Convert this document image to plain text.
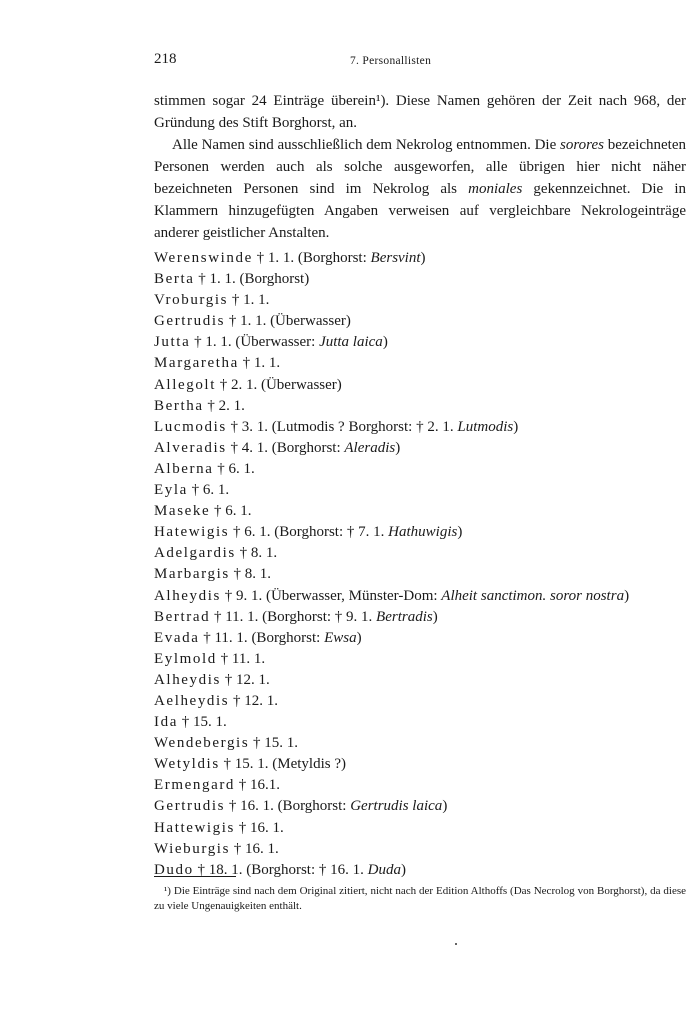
218	7. Personallisten

stimmen sogar 24 Einträge überein¹). Diese Namen gehören der Zeit nach 968, der Gründung des Stift Borghorst, an.

Alle Namen sind ausschließlich dem Nekrolog entnommen. Die sorores bezeichneten Personen werden auch als solche ausgeworfen, alle übrigen hier nicht näher bezeichneten Personen sind im Nekrolog als moniales gekennzeichnet. Die in Klammern hinzugefügten Angaben verweisen auf vergleichbare Nekrologeinträge anderer geistlicher Anstalten.

Werenswinde † 1. 1. (Borghorst: Bersvint)
Berta † 1. 1. (Borghorst)
Vroburgis † 1. 1.
Gertrudis † 1. 1. (Überwasser)
Jutta † 1. 1. (Überwasser: Jutta laica)
Margaretha † 1. 1.
Allegolt † 2. 1. (Überwasser)
Bertha † 2. 1.
Lucmodis † 3. 1. (Lutmodis ? Borghorst: † 2. 1. Lutmodis)
Alveradis † 4. 1. (Borghorst: Aleradis)
Alberna † 6. 1.
Eyla † 6. 1.
Maseke † 6. 1.
Hatewigis † 6. 1. (Borghorst: † 7. 1. Hathuwigis)
Adelgardis † 8. 1.
Marbargis † 8. 1.
Alheydis † 9. 1. (Überwasser, Münster-Dom: Alheit sanctimon. soror nostra)
Bertrad † 11. 1. (Borghorst: † 9. 1. Bertradis)
Evada † 11. 1. (Borghorst: Ewsa)
Eylmold † 11. 1.
Alheydis † 12. 1.
Aelheydis † 12. 1.
Ida † 15. 1.
Wendebergis † 15. 1.
Wetyldis † 15. 1. (Metyldis ?)
Ermengard † 16.1.
Gertrudis † 16. 1. (Borghorst: Gertrudis laica)
Hattewigis † 16. 1.
Wieburgis † 16. 1.
Dudo † 18. 1. (Borghorst: † 16. 1. Duda)
¹) Die Einträge sind nach dem Original zitiert, nicht nach der Edition Althoffs (Das Necrolog von Borghorst), da diese zu viele Ungenauigkeiten enthält.
